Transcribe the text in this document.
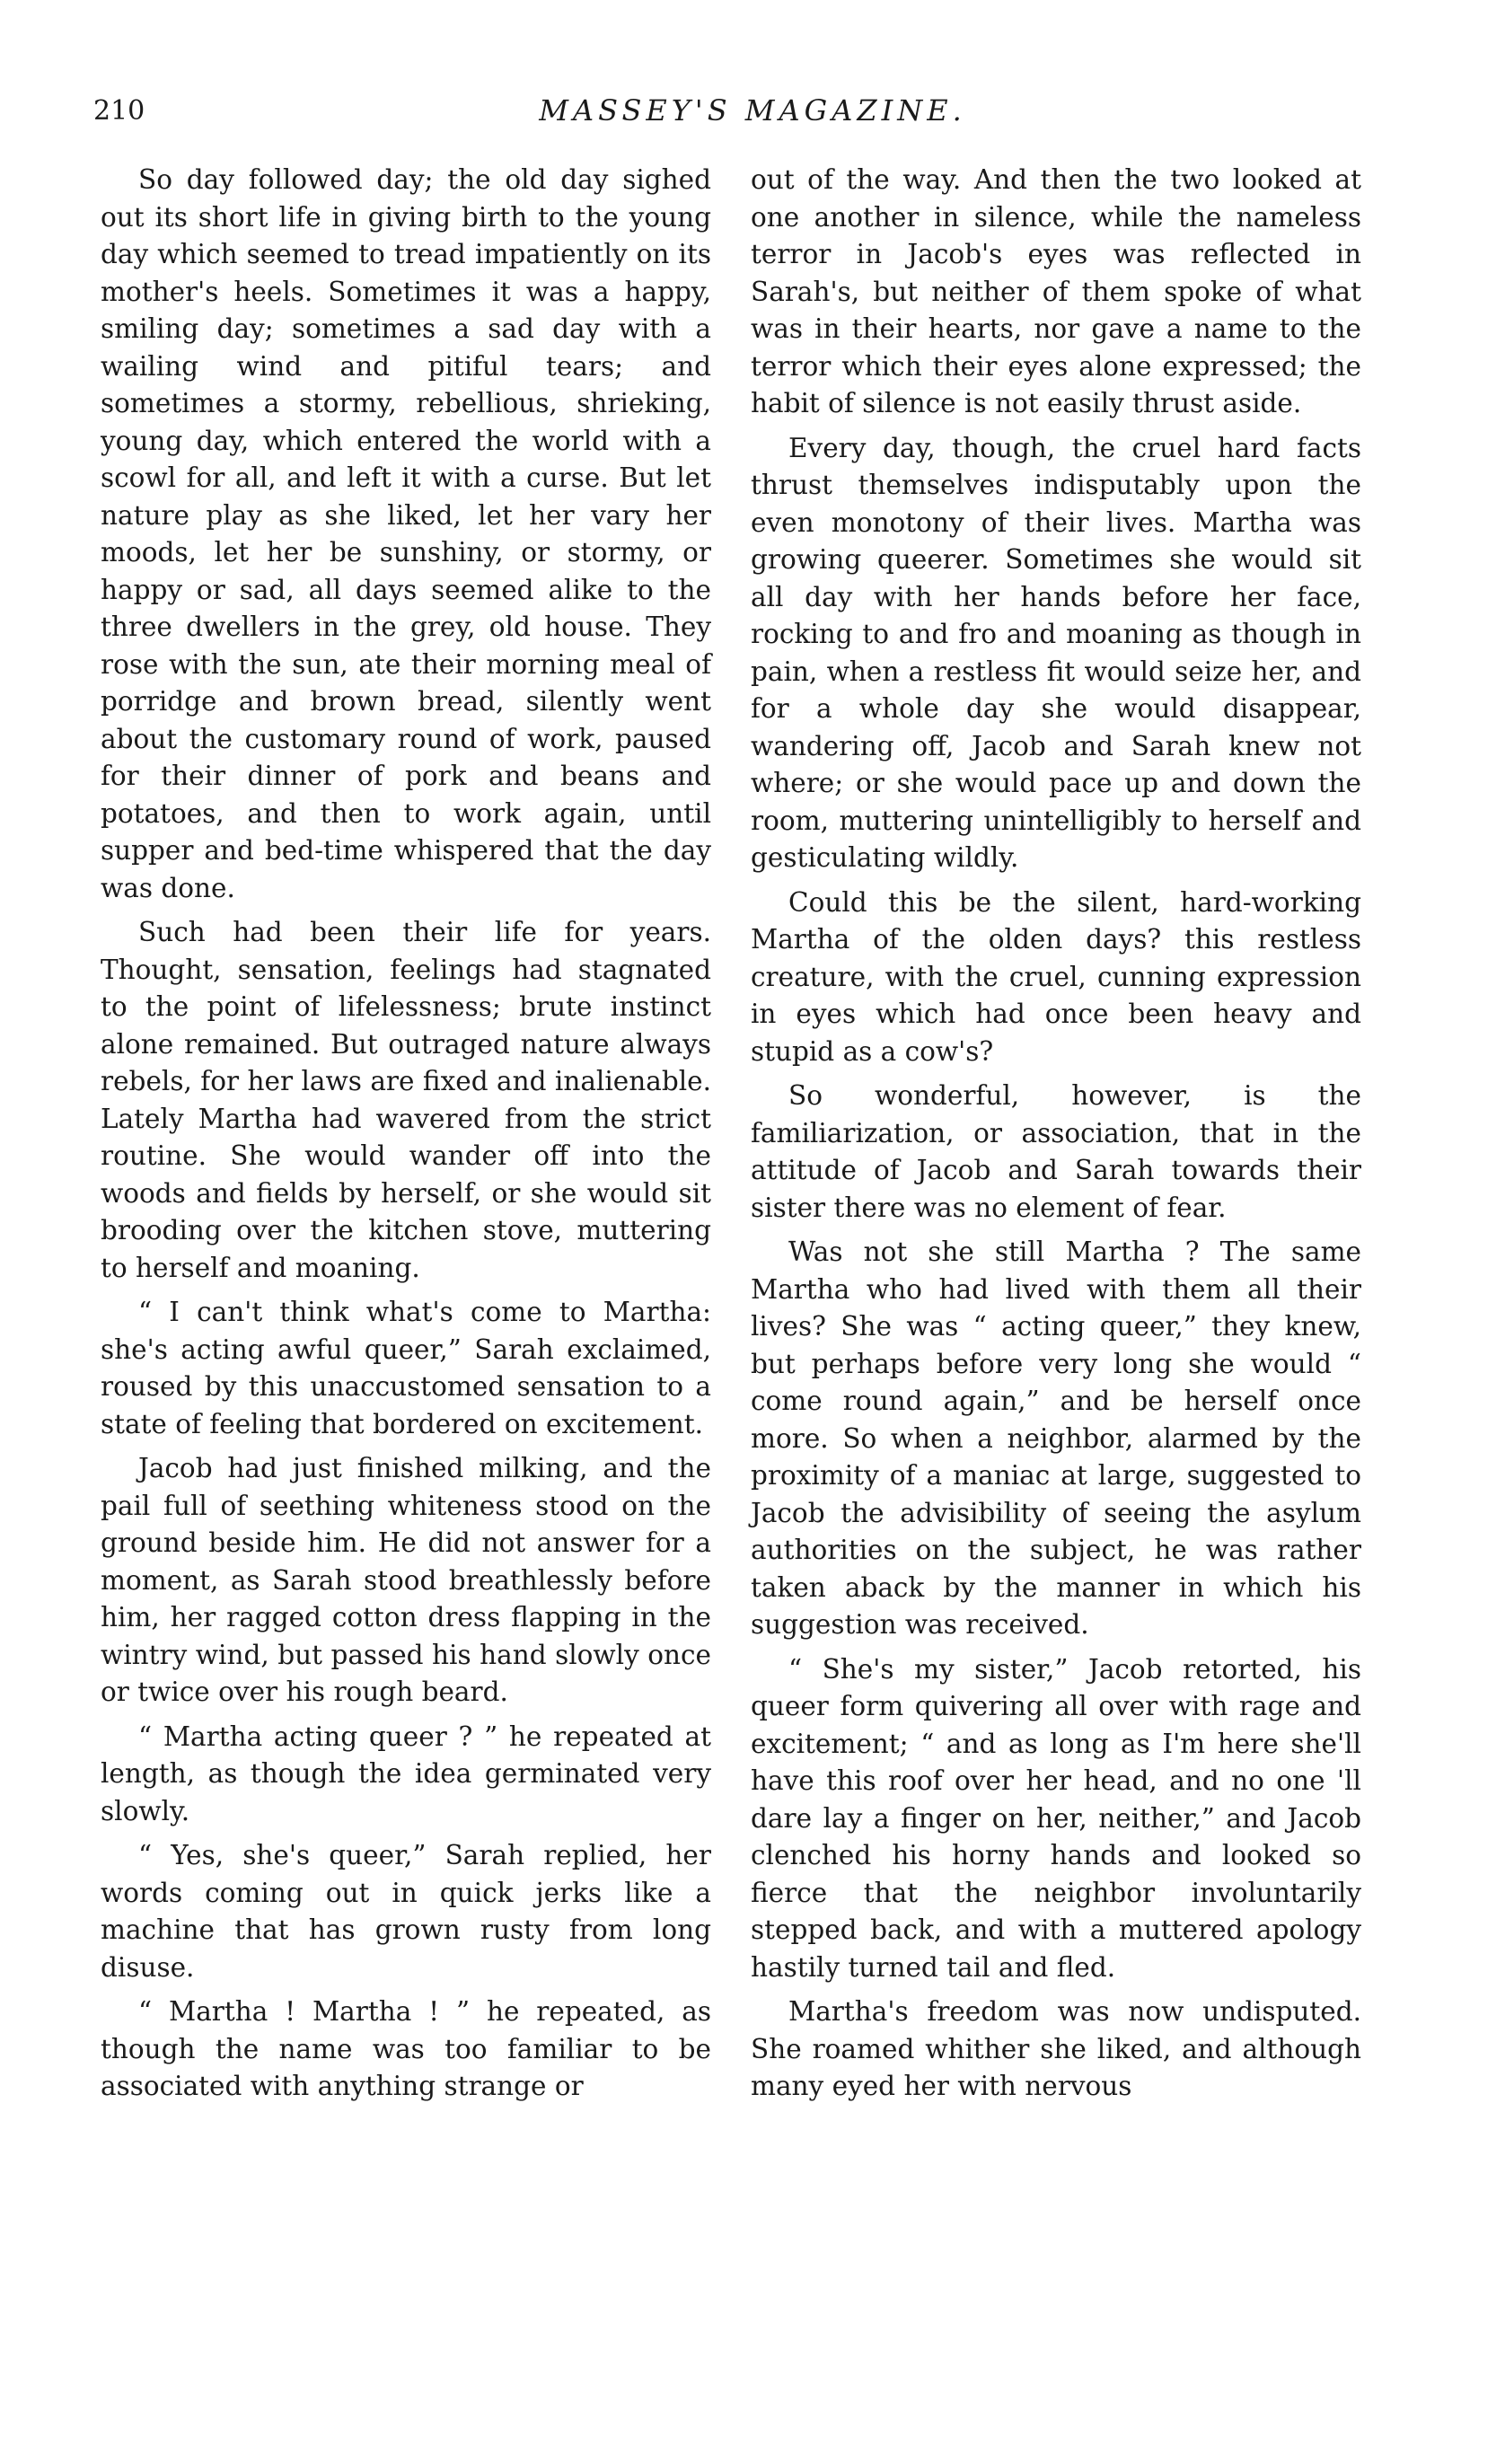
210	MASSEY'S MAGAZINE.

So day followed day; the old day sighed out its short life in giving birth to the young day which seemed to tread impatiently on its mother's heels. Sometimes it was a happy, smiling day; sometimes a sad day with a wailing wind and pitiful tears; and sometimes a stormy, rebellious, shrieking, young day, which entered the world with a scowl for all, and left it with a curse. But let nature play as she liked, let her vary her moods, let her be sunshiny, or stormy, or happy or sad, all days seemed alike to the three dwellers in the grey, old house. They rose with the sun, ate their morning meal of porridge and brown bread, silently went about the customary round of work, paused for their dinner of pork and beans and potatoes, and then to work again, until supper and bed-time whispered that the day was done.

Such had been their life for years. Thought, sensation, feelings had stagnated to the point of lifelessness; brute instinct alone remained. But outraged nature always rebels, for her laws are fixed and inalienable. Lately Martha had wavered from the strict routine. She would wander off into the woods and fields by herself, or she would sit brooding over the kitchen stove, muttering to herself and moaning.

“ I can't think what's come to Martha: she's acting awful queer,” Sarah exclaimed, roused by this unaccustomed sensation to a state of feeling that bordered on excitement.

Jacob had just finished milking, and the pail full of seething whiteness stood on the ground beside him. He did not answer for a moment, as Sarah stood breathlessly before him, her ragged cotton dress flapping in the wintry wind, but passed his hand slowly once or twice over his rough beard.

“ Martha acting queer ? ” he repeated at length, as though the idea germinated very slowly.

“ Yes, she's queer,” Sarah replied, her words coming out in quick jerks like a machine that has grown rusty from long disuse.

“ Martha ! Martha ! ” he repeated, as though the name was too familiar to be associated with anything strange or

out of the way. And then the two looked at one another in silence, while the nameless terror in Jacob's eyes was reflected in Sarah's, but neither of them spoke of what was in their hearts, nor gave a name to the terror which their eyes alone expressed; the habit of silence is not easily thrust aside.

Every day, though, the cruel hard facts thrust themselves indisputably upon the even monotony of their lives. Martha was growing queerer. Sometimes she would sit all day with her hands before her face, rocking to and fro and moaning as though in pain, when a restless fit would seize her, and for a whole day she would disappear, wandering off, Jacob and Sarah knew not where; or she would pace up and down the room, muttering unintelligibly to herself and gesticulating wildly.

Could this be the silent, hard-working Martha of the olden days? this restless creature, with the cruel, cunning expression in eyes which had once been heavy and stupid as a cow's?

So wonderful, however, is the familiarization, or association, that in the attitude of Jacob and Sarah towards their sister there was no element of fear.

Was not she still Martha ? The same Martha who had lived with them all their lives? She was “ acting queer,” they knew, but perhaps before very long she would “ come round again,” and be herself once more. So when a neighbor, alarmed by the proximity of a maniac at large, suggested to Jacob the advisibility of seeing the asylum authorities on the subject, he was rather taken aback by the manner in which his suggestion was received.

“ She's my sister,” Jacob retorted, his queer form quivering all over with rage and excitement; “ and as long as I'm here she'll have this roof over her head, and no one 'll dare lay a finger on her, neither,” and Jacob clenched his horny hands and looked so fierce that the neighbor involuntarily stepped back, and with a muttered apology hastily turned tail and fled.

Martha's freedom was now undisputed. She roamed whither she liked, and although many eyed her with nervous
